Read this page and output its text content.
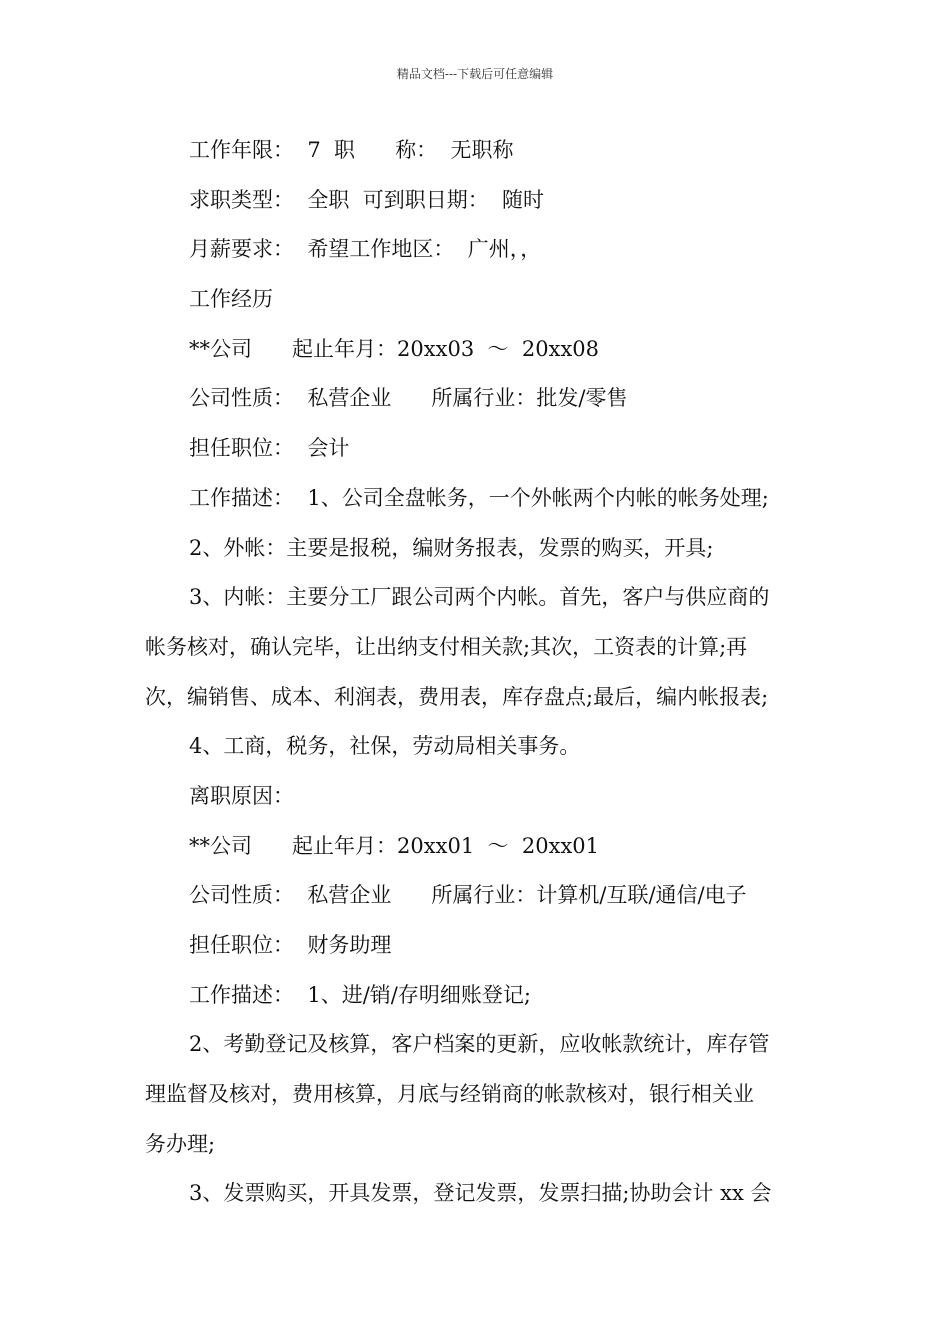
精品文档---下载后可任意编辑
工作年限：  7  职      称：  无职称
求职类型：  全职  可到职日期：  随时
月薪要求：  希望工作地区：  广州，，
工作经历
**公司      起止年月：20xx03  ～  20xx08
公司性质：  私营企业      所属行业：批发/零售
担任职位：  会计
工作描述：  1、公司全盘帐务，一个外帐两个内帐的帐务处理;
2、外帐：主要是报税，编财务报表，发票的购买，开具;
3、内帐：主要分工厂跟公司两个内帐。首先，客户与供应商的
帐务核对，确认完毕，让出纳支付相关款;其次，工资表的计算;再
次，编销售、成本、利润表，费用表，库存盘点;最后，编内帐报表;
4、工商，税务，社保，劳动局相关事务。
离职原因：
**公司      起止年月：20xx01  ～  20xx01
公司性质：  私营企业      所属行业：计算机/互联/通信/电子
担任职位：  财务助理
工作描述：  1、进/销/存明细账登记;
2、考勤登记及核算，客户档案的更新，应收帐款统计，库存管
理监督及核对，费用核算，月底与经销商的帐款核对，银行相关业
务办理;
3、发票购买，开具发票，登记发票，发票扫描;协助会计 xx 会
